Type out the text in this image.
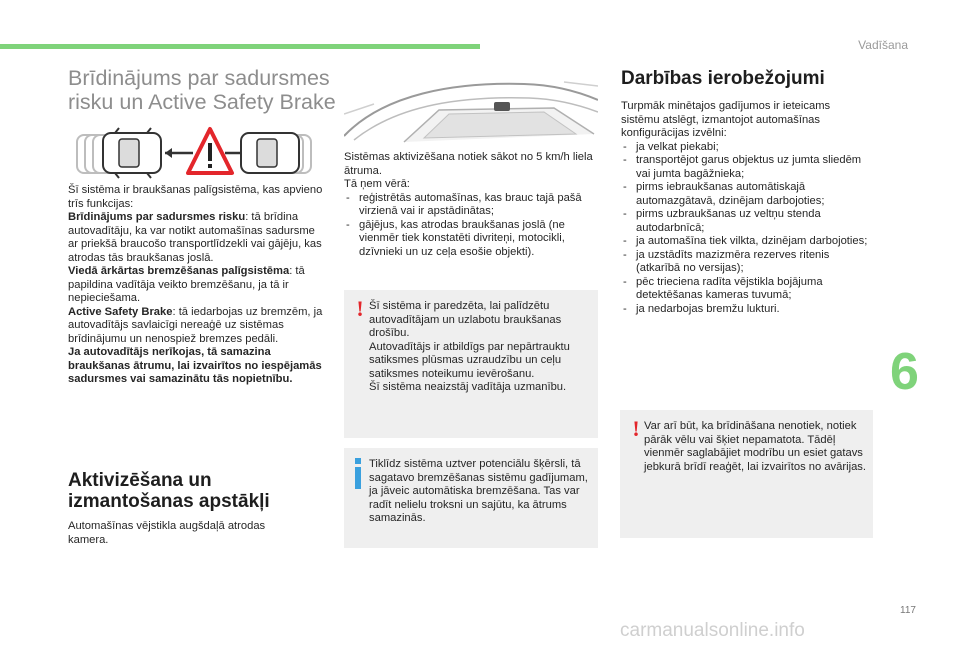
Vadīšana
Brīdinājums par sadursmes
risku un Active Safety Brake

Šī sistēma ir braukšanas palīgsistēma, kas apvieno trīs funkcijas:

Brīdinājums par sadursmes risku: tā brīdina autovadītāju, ka var notikt automašīnas sadursme ar priekšā braucošo transportlīdzekli vai gājēju, kas atrodas tās braukšanas joslā.

Viedā ārkārtas bremzēšanas palīgsistēma: tā papildina vadītāja veikto bremzēšanu, ja tā ir nepieciešama.

Active Safety Brake: tā iedarbojas uz bremzēm, ja autovadītājs savlaicīgi nereaģē uz sistēmas brīdinājumu un nenospiež bremzes pedāli.

Ja autovadītājs nerīkojas, tā samazina braukšanas ātrumu, lai izvairītos no iespējamās sadursmes vai samazinātu tās nopietnību.

Aktivizēšana un
izmantošanas apstākļi
Automašīnas vējstikla augšdaļā atrodas kamera.

Sistēmas aktivizēšana notiek sākot no 5 km/h liela ātruma.

Tā ņem vērā:

- reģistrētās automašīnas, kas brauc tajā pašā virzienā vai ir apstādinātas;
- gājējus, kas atrodas braukšanas joslā (ne vienmēr tiek konstatēti divriteņi, motocikli, dzīvnieki un uz ceļa esošie objekti).
! Šī sistēma ir paredzēta, lai palīdzētu autovadītājam un uzlabotu braukšanas drošību.

Autovadītājs ir atbildīgs par nepārtrauktu satiksmes plūsmas uzraudzību un ceļu satiksmes noteikumu ievērošanu.

Šī sistēma neaizstāj vadītāja uzmanību.

Tiklīdz sistēma uztver potenciālu šķērsli, tā sagatavo bremzēšanas sistēmu gadījumam, ja jāveic automātiska bremzēšana. Tas var radīt nelielu troksni un sajūtu, ka ātrums samazinās.

Darbības ierobežojumi

Turpmāk minētajos gadījumos ir ieteicams sistēmu atslēgt, izmantojot automašīnas konfigurācijas izvēlni:

- ja velkat piekabi;
- transportējot garus objektus uz jumta sliedēm vai jumta bagāžnieka;
- pirms iebraukšanas automātiskajā automazgātavā, dzinējam darbojoties;
- pirms uzbraukšanas uz veltņu stenda autodarbnīcā;
- ja automašīna tiek vilkta, dzinējam darbojoties;
- ja uzstādīts mazizmēra rezerves ritenis (atkarībā no versijas);
- pēc trieciena radīta vējstikla bojājuma detektēšanas kameras tuvumā;
- ja nedarbojas bremžu lukturi.
! Var arī būt, ka brīdināšana nenotiek, notiek pārāk vēlu vai šķiet nepamatota. Tādēļ vienmēr saglabājiet modrību un esiet gatavs jebkurā brīdī reaģēt, lai izvairītos no avārijas.

6
117
carmanualsonline.info
